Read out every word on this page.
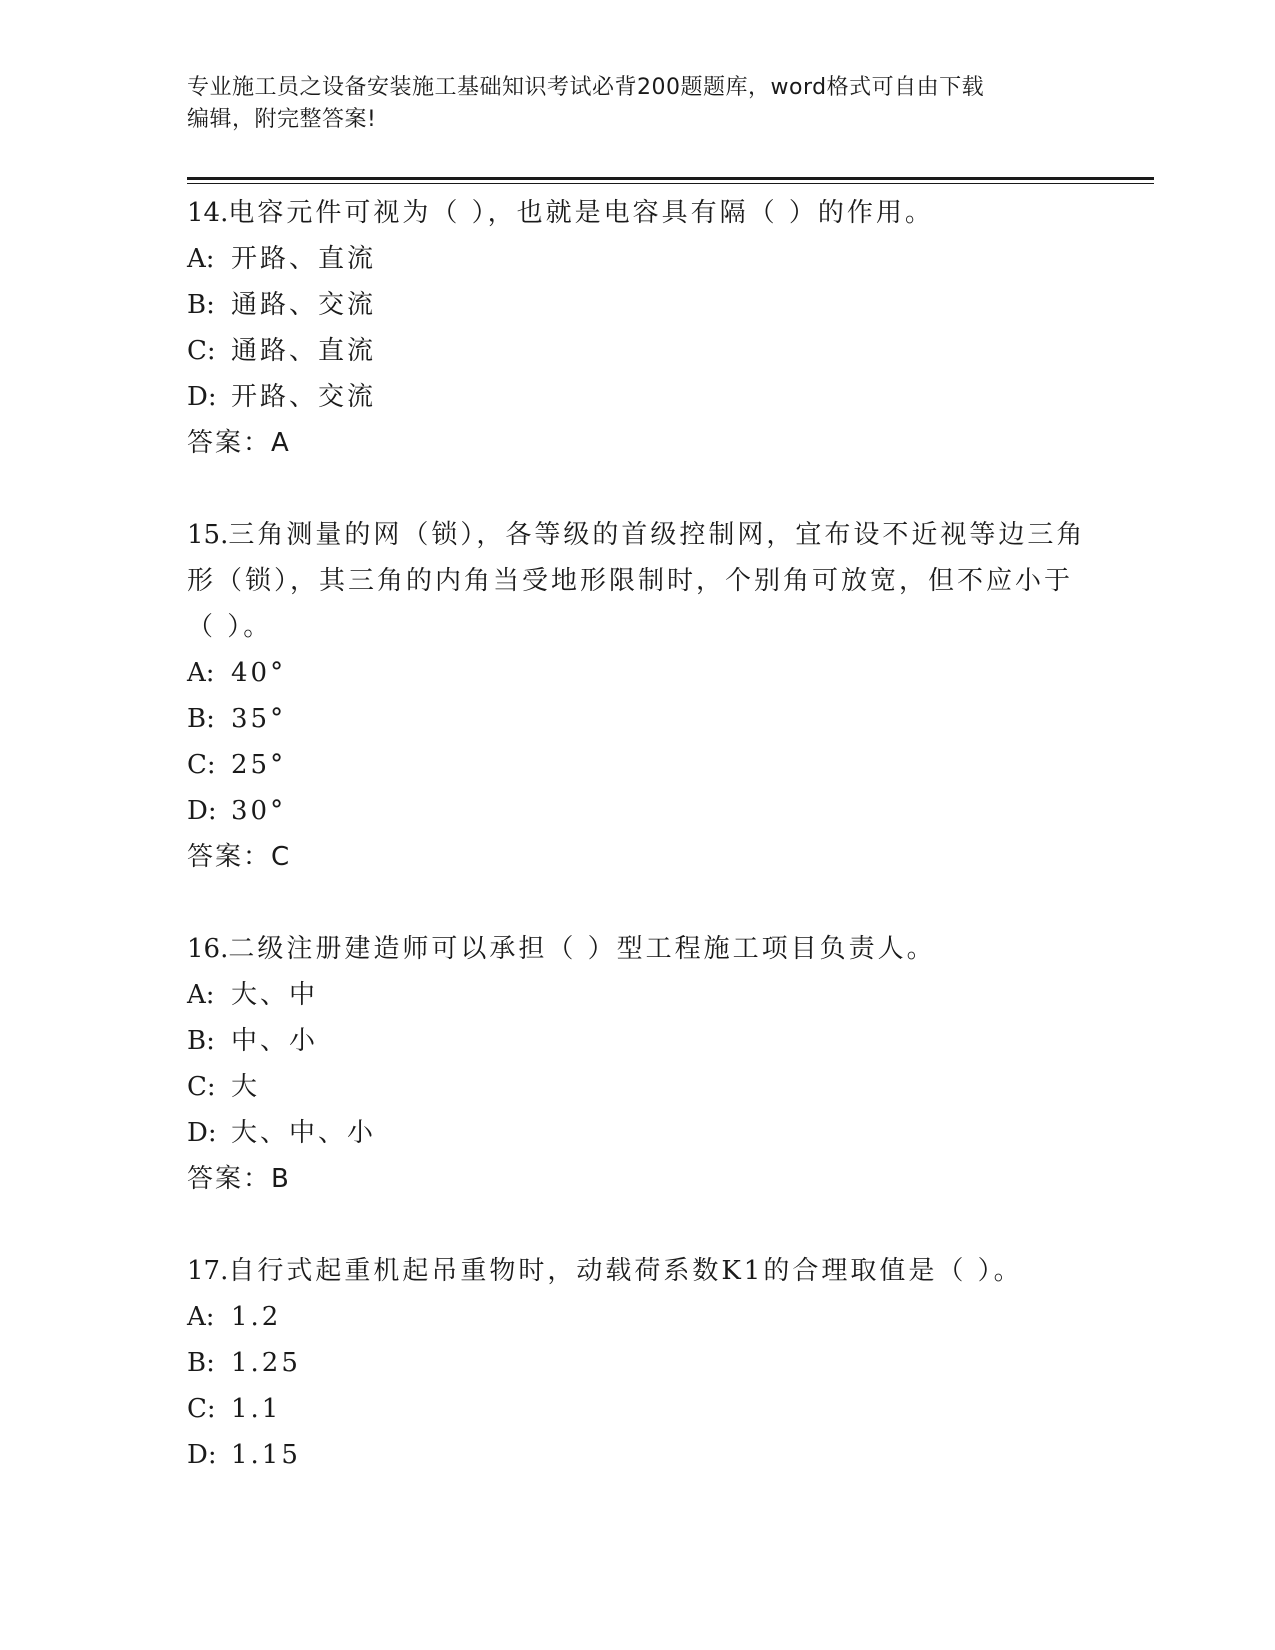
专业施工员之设备安装施工基础知识考试必背200题题库，word格式可自由下载
编辑，附完整答案!

14.电容元件可视为（ ），也就是电容具有隔（ ）的作用。

A: 开路、直流
B: 通路、交流
C: 通路、直流
D: 开路、交流

答案：A

15.三角测量的网（锁），各等级的首级控制网，宜布设不近视等边三角形（锁），其三角的内角当受地形限制时，个别角可放宽，但不应小于（ ）。

A: 40°
B: 35°
C: 25°
D: 30°

答案：C

16.二级注册建造师可以承担（ ）型工程施工项目负责人。

A: 大、中
B: 中、小
C: 大
D: 大、中、小

答案：B

17.自行式起重机起吊重物时，动载荷系数K1的合理取值是（ ）。

A: 1.2
B: 1.25
C: 1.1
D: 1.15
